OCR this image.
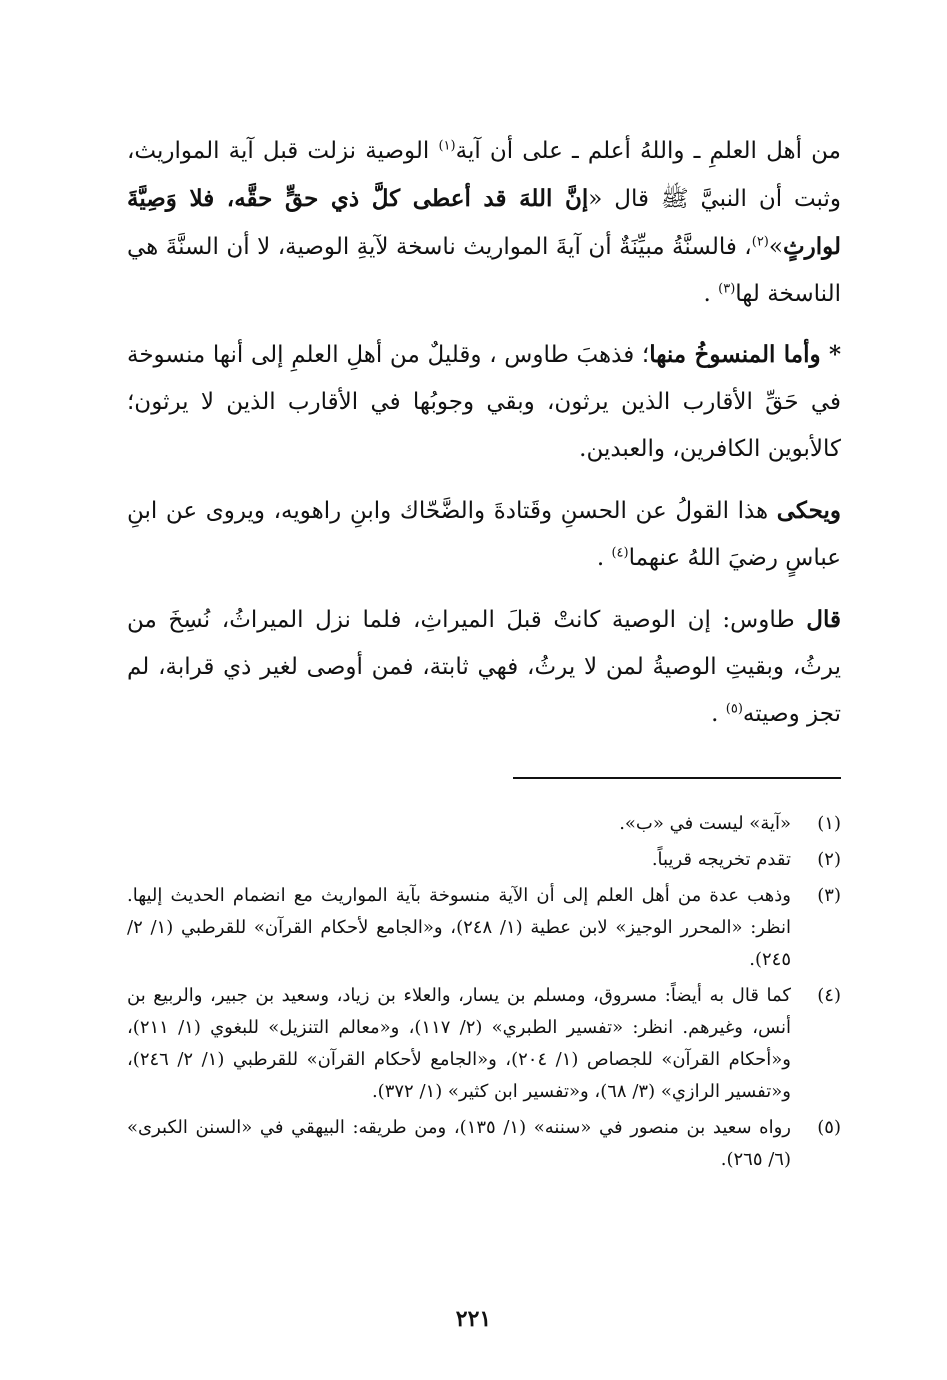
من أهل العلمِ ـ واللهُ أعلم ـ على أن آية$^{(١)}$ الوصية نزلت قبل آية المواريث، وثبت أن النبيَّ ﷺ قال «إنَّ اللهَ قد أعطى كلَّ ذي حقٍّ حقَّه، فلا وَصِيَّةَ لوارثٍ»$^{(٢)}$، فالسنَّةُ مبيِّنَةٌ أن آيةَ المواريث ناسخة لآيةِ الوصية، لا أن السنَّةَ هي الناسخة لها$^{(٣)}$ .

* وأما المنسوخُ منها؛ فذهبَ طاوس ، وقليلٌ من أهلِ العلمِ إلى أنها منسوخة في حَقِّ الأقارب الذين يرثون، وبقي وجوبُها في الأقارب الذين لا يرثون؛ كالأبوين الكافرين، والعبدين.

ويحكى هذا القولُ عن الحسنِ وقَتادةَ والضَّحّاك وابنِ راهويه، ويروى عن ابنِ عباسٍ رضيَ اللهُ عنهما$^{(٤)}$ .

قال طاوس: إن الوصية كانتْ قبلَ الميراثِ، فلما نزل الميراثُ، نُسِخَ من يرثُ، وبقيتِ الوصيةُ لمن لا يرثُ، فهي ثابتة، فمن أوصى لغير ذي قرابة، لم تجز وصيته$^{(٥)}$ .

(١)
«آية» ليست في «ب».

(٢)
تقدم تخريجه قريباً.

(٣)
وذهب عدة من أهل العلم إلى أن الآية منسوخة بآية المواريث مع انضمام الحديث إليها. انظر: «المحرر الوجيز» لابن عطية (١/ ٢٤٨)، و«الجامع لأحكام القرآن» للقرطبي (١/ ٢/ ٢٤٥).

(٤)
كما قال به أيضاً: مسروق، ومسلم بن يسار، والعلاء بن زياد، وسعيد بن جبير، والربيع بن أنس، وغيرهم. انظر: «تفسير الطبري» (٢/ ١١٧)، و«معالم التنزيل» للبغوي (١/ ٢١١)، و«أحكام القرآن» للجصاص (١/ ٢٠٤)، و«الجامع لأحكام القرآن» للقرطبي (١/ ٢/ ٢٤٦)، و«تفسير الرازي» (٣/ ٦٨)، و«تفسير ابن كثير» (١/ ٣٧٢).

(٥)
رواه سعيد بن منصور في «سننه» (١/ ١٣٥)، ومن طريقه: البيهقي في «السنن الكبرى» (٦/ ٢٦٥).

٢٢١
